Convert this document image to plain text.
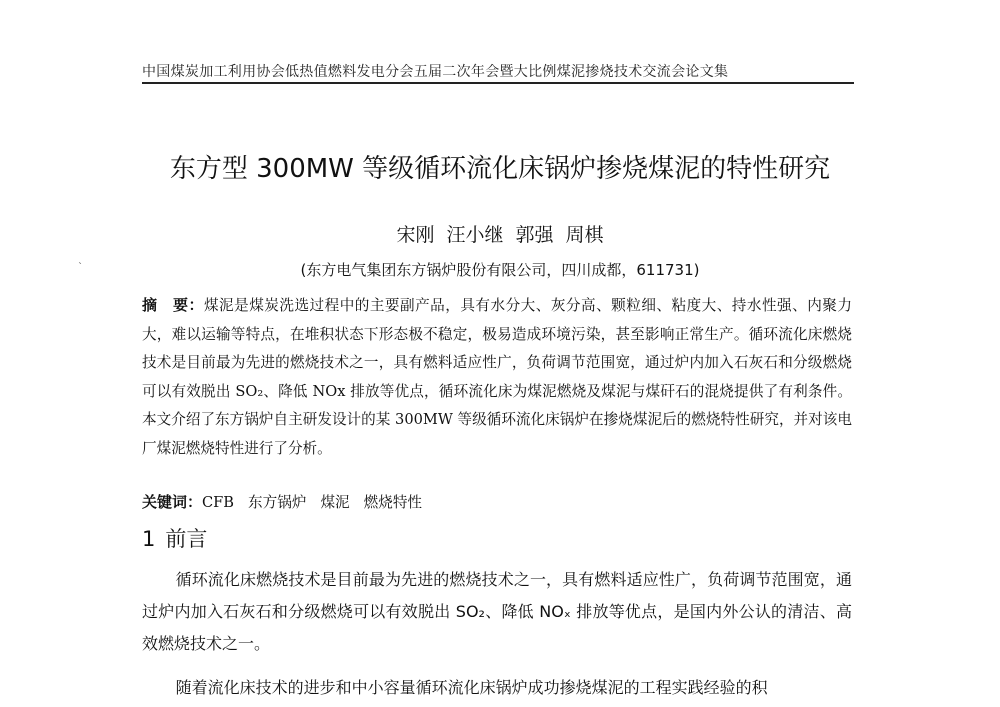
中国煤炭加工利用协会低热值燃料发电分会五届二次年会暨大比例煤泥掺烧技术交流会论文集
`
东方型 300MW 等级循环流化床锅炉掺烧煤泥的特性研究
宋刚 汪小继 郭强 周棋
(东方电气集团东方锅炉股份有限公司，四川成都，611731)
摘　要：煤泥是煤炭洗选过程中的主要副产品，具有水分大、灰分高、颗粒细、粘度大、持水性强、内聚力大，难以运输等特点，在堆积状态下形态极不稳定，极易造成环境污染，甚至影响正常生产。循环流化床燃烧技术是目前最为先进的燃烧技术之一，具有燃料适应性广，负荷调节范围宽，通过炉内加入石灰石和分级燃烧可以有效脱出 SO₂、降低 NOx 排放等优点，循环流化床为煤泥燃烧及煤泥与煤矸石的混烧提供了有利条件。本文介绍了东方锅炉自主研发设计的某 300MW 等级循环流化床锅炉在掺烧煤泥后的燃烧特性研究，并对该电厂煤泥燃烧特性进行了分析。
关键词：CFB 东方锅炉 煤泥 燃烧特性
1 前言
循环流化床燃烧技术是目前最为先进的燃烧技术之一，具有燃料适应性广，负荷调节范围宽，通过炉内加入石灰石和分级燃烧可以有效脱出 SO₂、降低 NOₓ 排放等优点，是国内外公认的清洁、高效燃烧技术之一。
随着流化床技术的进步和中小容量循环流化床锅炉成功掺烧煤泥的工程实践经验的积
